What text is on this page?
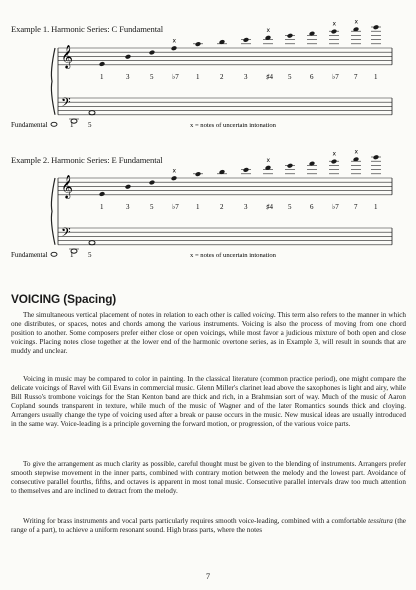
Example 1. Harmonic Series: C Fundamental
𝄞
𝄢
1	3	5
x
♭7 1	2	3
x
♯4 5	6
x
♭7
x
7 1
Fundamental	1 5	x = notes of uncertain intonation
Example 2. Harmonic Series: E Fundamental
𝄞
𝄢
1	3	5
x
♭7 1	2	3
x
♯4 5	6
x
♭7
x
7 1
Fundamental	1 5	x = notes of uncertain intonation
VOICING (Spacing)

The simultaneous vertical placement of notes in relation to each other is called voicing. This term also refers to the manner in which one distributes, or spaces, notes and chords among the various instruments. Voicing is also the process of moving from one chord position to another. Some composers prefer either close or open voicings, while most favor a judicious mixture of both open and close voicings. Placing notes close together at the lower end of the harmonic overtone series, as in Example 3, will result in sounds that are muddy and unclear.

Voicing in music may be compared to color in painting. In the classical literature (common practice period), one might compare the delicate voicings of Ravel with Gil Evans in commercial music. Glenn Miller's clarinet lead above the saxophones is light and airy, while Bill Russo's trombone voicings for the Stan Kenton band are thick and rich, in a Brahmsian sort of way. Much of the music of Aaron Copland sounds transparent in texture, while much of the music of Wagner and of the later Romantics sounds thick and cloying. Arrangers usually change the type of voicing used after a break or pause occurs in the music. New musical ideas are usually introduced in the same way. Voice-leading is a principle governing the forward motion, or progression, of the various voice parts.

To give the arrangement as much clarity as possible, careful thought must be given to the blending of instruments. Arrangers prefer smooth stepwise movement in the inner parts, combined with contrary motion between the melody and the lowest part. Avoidance of consecutive parallel fourths, fifths, and octaves is apparent in most tonal music. Consecutive parallel intervals draw too much attention to themselves and are inclined to detract from the melody.

Writing for brass instruments and vocal parts particularly requires smooth voice-leading, combined with a comfortable tessitura (the range of a part), to achieve a uniform resonant sound. High brass parts, where the notes

7
